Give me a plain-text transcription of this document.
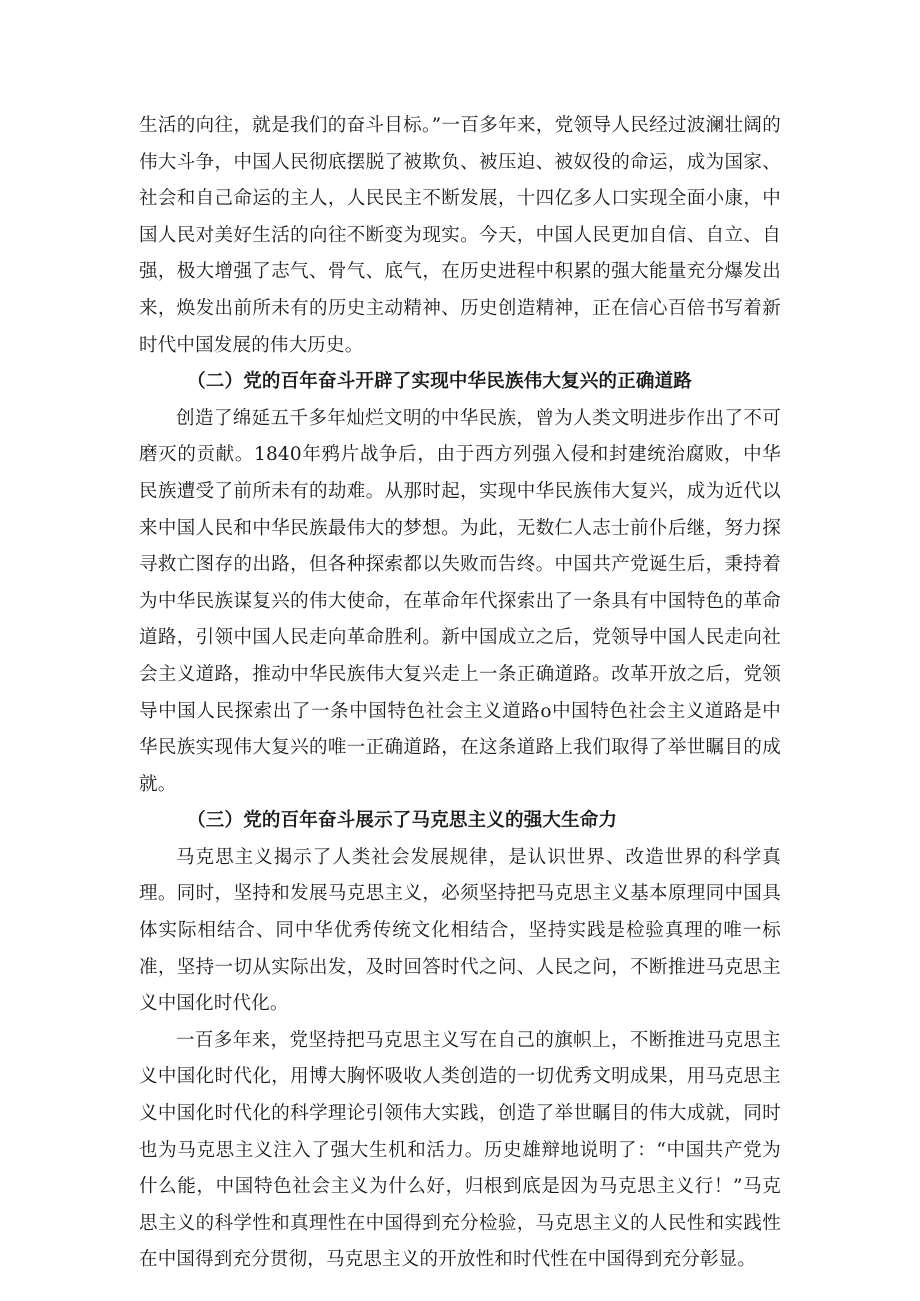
生活的向往，就是我们的奋斗目标。”一百多年来，党领导人民经过波澜壮阔的伟大斗争，中国人民彻底摆脱了被欺负、被压迫、被奴役的命运，成为国家、社会和自己命运的主人，人民民主不断发展，十四亿多人口实现全面小康，中国人民对美好生活的向往不断变为现实。今天，中国人民更加自信、自立、自强，极大增强了志气、骨气、底气，在历史进程中积累的强大能量充分爆发出来，焕发出前所未有的历史主动精神、历史创造精神，正在信心百倍书写着新时代中国发展的伟大历史。

（二）党的百年奋斗开辟了实现中华民族伟大复兴的正确道路

创造了绵延五千多年灿烂文明的中华民族，曾为人类文明进步作出了不可磨灭的贡献。1840年鸦片战争后，由于西方列强入侵和封建统治腐败，中华民族遭受了前所未有的劫难。从那时起，实现中华民族伟大复兴，成为近代以来中国人民和中华民族最伟大的梦想。为此，无数仁人志士前仆后继，努力探寻救亡图存的出路，但各种探索都以失败而告终。中国共产党诞生后，秉持着为中华民族谋复兴的伟大使命，在革命年代探索出了一条具有中国特色的革命道路，引领中国人民走向革命胜利。新中国成立之后，党领导中国人民走向社会主义道路，推动中华民族伟大复兴走上一条正确道路。改革开放之后，党领导中国人民探索出了一条中国特色社会主义道路o中国特色社会主义道路是中华民族实现伟大复兴的唯一正确道路，在这条道路上我们取得了举世瞩目的成就。

（三）党的百年奋斗展示了马克思主义的强大生命力

马克思主义揭示了人类社会发展规律，是认识世界、改造世界的科学真理。同时，坚持和发展马克思主义，必须坚持把马克思主义基本原理同中国具体实际相结合、同中华优秀传统文化相结合，坚持实践是检验真理的唯一标准，坚持一切从实际出发，及时回答时代之问、人民之问，不断推进马克思主义中国化时代化。

一百多年来，党坚持把马克思主义写在自己的旗帜上，不断推进马克思主义中国化时代化，用博大胸怀吸收人类创造的一切优秀文明成果，用马克思主义中国化时代化的科学理论引领伟大实践，创造了举世瞩目的伟大成就，同时也为马克思主义注入了强大生机和活力。历史雄辩地说明了：“中国共产党为什么能，中国特色社会主义为什么好，归根到底是因为马克思主义行！”马克思主义的科学性和真理性在中国得到充分检验，马克思主义的人民性和实践性在中国得到充分贯彻，马克思主义的开放性和时代性在中国得到充分彰显。
